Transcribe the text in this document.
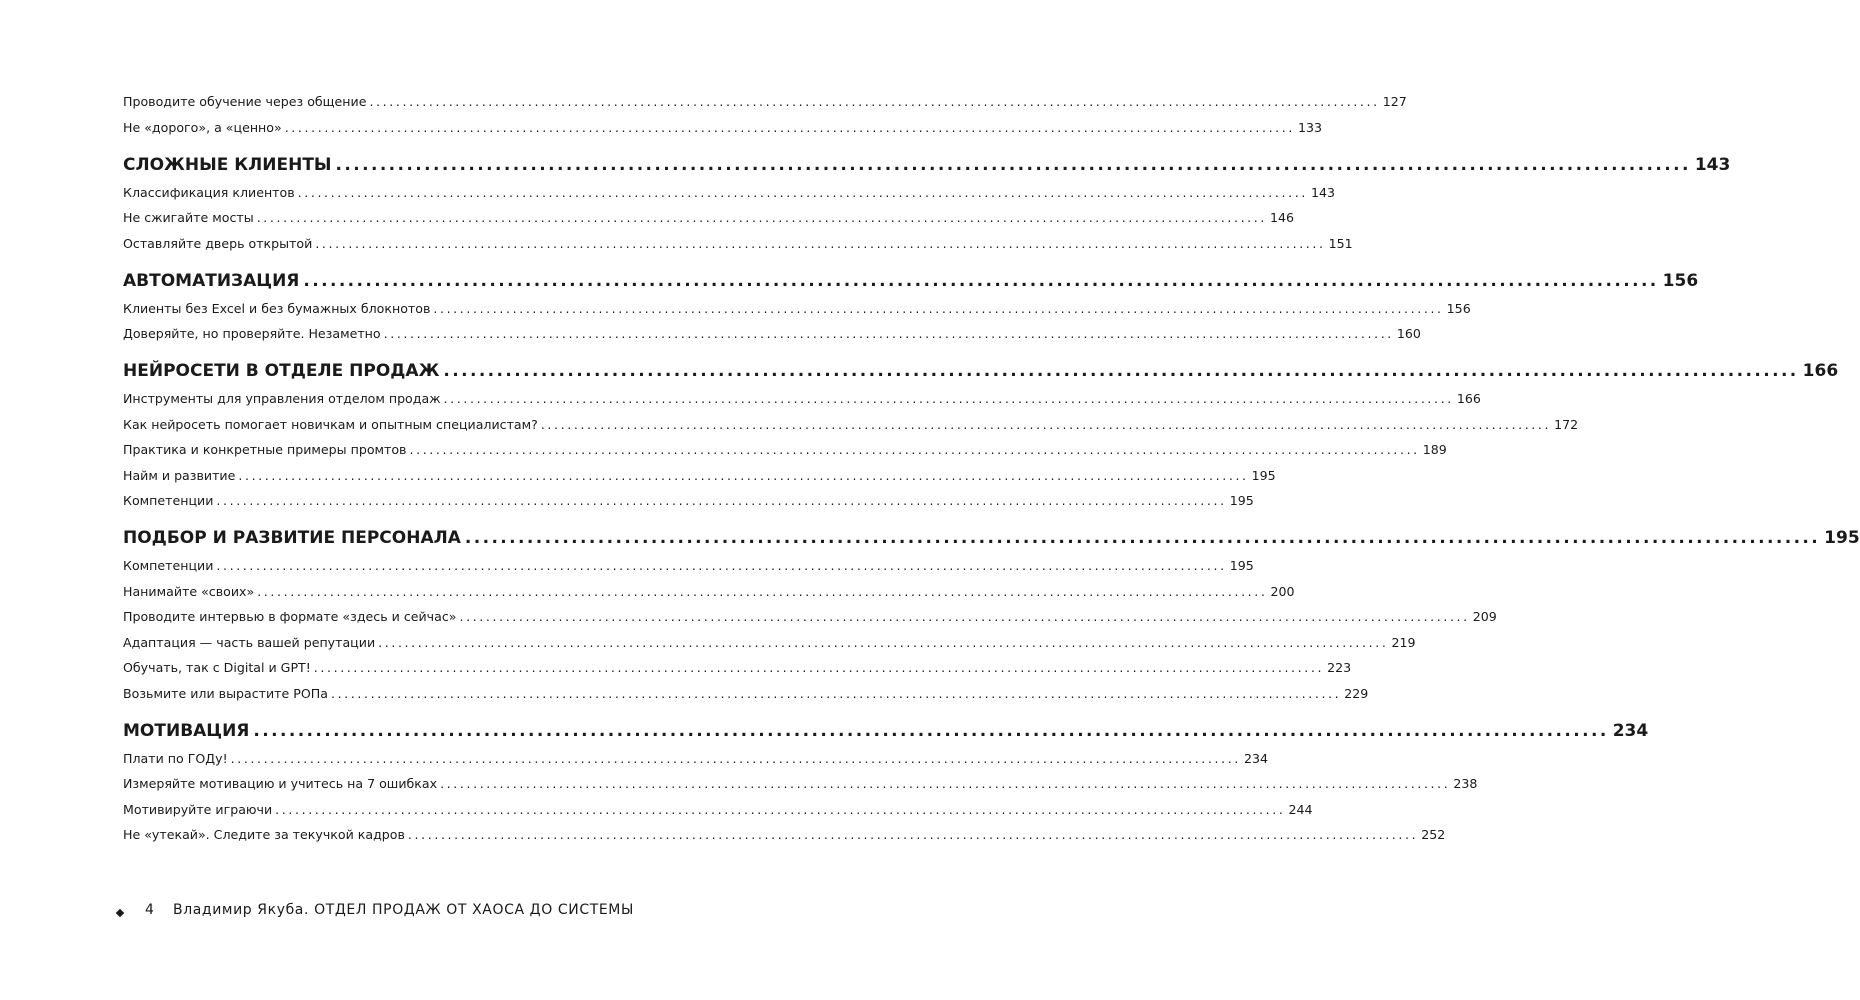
Проводите обучение через общение ......................................................................................................................................................... 127
Не «дорого», а «ценно» ......................................................................................................................................................... 133
СЛОЖНЫЕ КЛИЕНТЫ ......................................................................................................................................................... 143
Классификация клиентов ......................................................................................................................................................... 143
Не сжигайте мосты ......................................................................................................................................................... 146
Оставляйте дверь открытой ......................................................................................................................................................... 151
АВТОМАТИЗАЦИЯ ......................................................................................................................................................... 156
Клиенты без Excel и без бумажных блокнотов ......................................................................................................................................................... 156
Доверяйте, но проверяйте. Незаметно ......................................................................................................................................................... 160
НЕЙРОСЕТИ В ОТДЕЛЕ ПРОДАЖ ......................................................................................................................................................... 166
Инструменты для управления отделом продаж ......................................................................................................................................................... 166
Как нейросеть помогает новичкам и опытным специалистам? ......................................................................................................................................................... 172
Практика и конкретные примеры промтов ......................................................................................................................................................... 189
Найм и развитие ......................................................................................................................................................... 195
Компетенции ......................................................................................................................................................... 195
ПОДБОР И РАЗВИТИЕ ПЕРСОНАЛА ......................................................................................................................................................... 195
Компетенции ......................................................................................................................................................... 195
Нанимайте «своих» ......................................................................................................................................................... 200
Проводите интервью в формате «здесь и сейчас» ......................................................................................................................................................... 209
Адаптация — часть вашей репутации ......................................................................................................................................................... 219
Обучать, так с Digital и GPT! ......................................................................................................................................................... 223
Возьмите или вырастите РОПа ......................................................................................................................................................... 229
МОТИВАЦИЯ ......................................................................................................................................................... 234
Плати по ГОДу! ......................................................................................................................................................... 234
Измеряйте мотивацию и учитесь на 7 ошибках ......................................................................................................................................................... 238
Мотивируйте играючи ......................................................................................................................................................... 244
Не «утекай». Следите за текучкой кадров ......................................................................................................................................................... 252
4 Владимир Якуба. ОТДЕЛ ПРОДАЖ ОТ ХАОСА ДО СИСТЕМЫ
